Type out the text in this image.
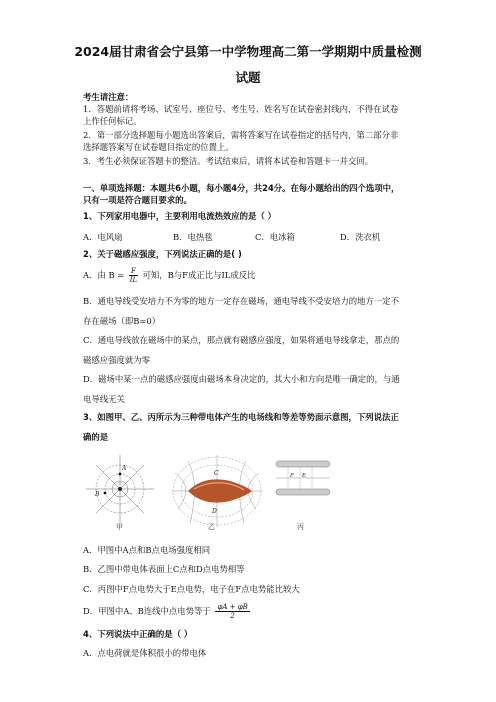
2024届甘肃省会宁县第一中学物理高二第一学期期中质量检测
试题
考生请注意：
1．答题前请将考场、试室号、座位号、考生号、姓名写在试卷密封线内，不得在试卷
上作任何标记。
2．第一部分选择题每小题选出答案后，需将答案写在试卷指定的括号内，第二部分非
选择题答案写在试卷题目指定的位置上。
3．考生必须保证答题卡的整洁。考试结束后，请将本试卷和答题卡一并交回。
一、单项选择题：本题共6小题，每小题4分，共24分。在每小题给出的四个选项中，
只有一项是符合题目要求的。
1、下列家用电器中，主要利用电流热效应的是（ ）
A．电风扇	B．电热毯	C．电冰箱	D．洗衣机
2、关于磁感应强度，下列说法正确的是( )
A．由 $B = \frac{F}{IL}$ 可知，B与F成正比与IL成反比
B．通电导线受安培力不为零的地方一定存在磁场，通电导线不受安培力的地方一定不
存在磁场（即B=0）
C．通电导线放在磁场中的某点，那点就有磁感应强度，如果将通电导线拿走，那点的
磁感应强度就为零
D．磁场中某一点的磁感应强度由磁场本身决定的，其大小和方向是唯一确定的，与通
电导线无关
3、如图甲、乙、丙所示为三种带电体产生的电场线和等差等势面示意图，下列说法正
确的是
A
B
甲
C
D
乙
F E
丙
A．甲图中A点和B点电场强度相同
B．乙图中带电体表面上C点和D点电势相等
C．丙图中F点电势大于E点电势，电子在F点电势能比较大
D．甲图中A、B连线中点电势等于 $\frac{\varphi A + \varphi B}{2}$
4、下列说法中正确的是（ ）
A．点电荷就是体积很小的带电体
